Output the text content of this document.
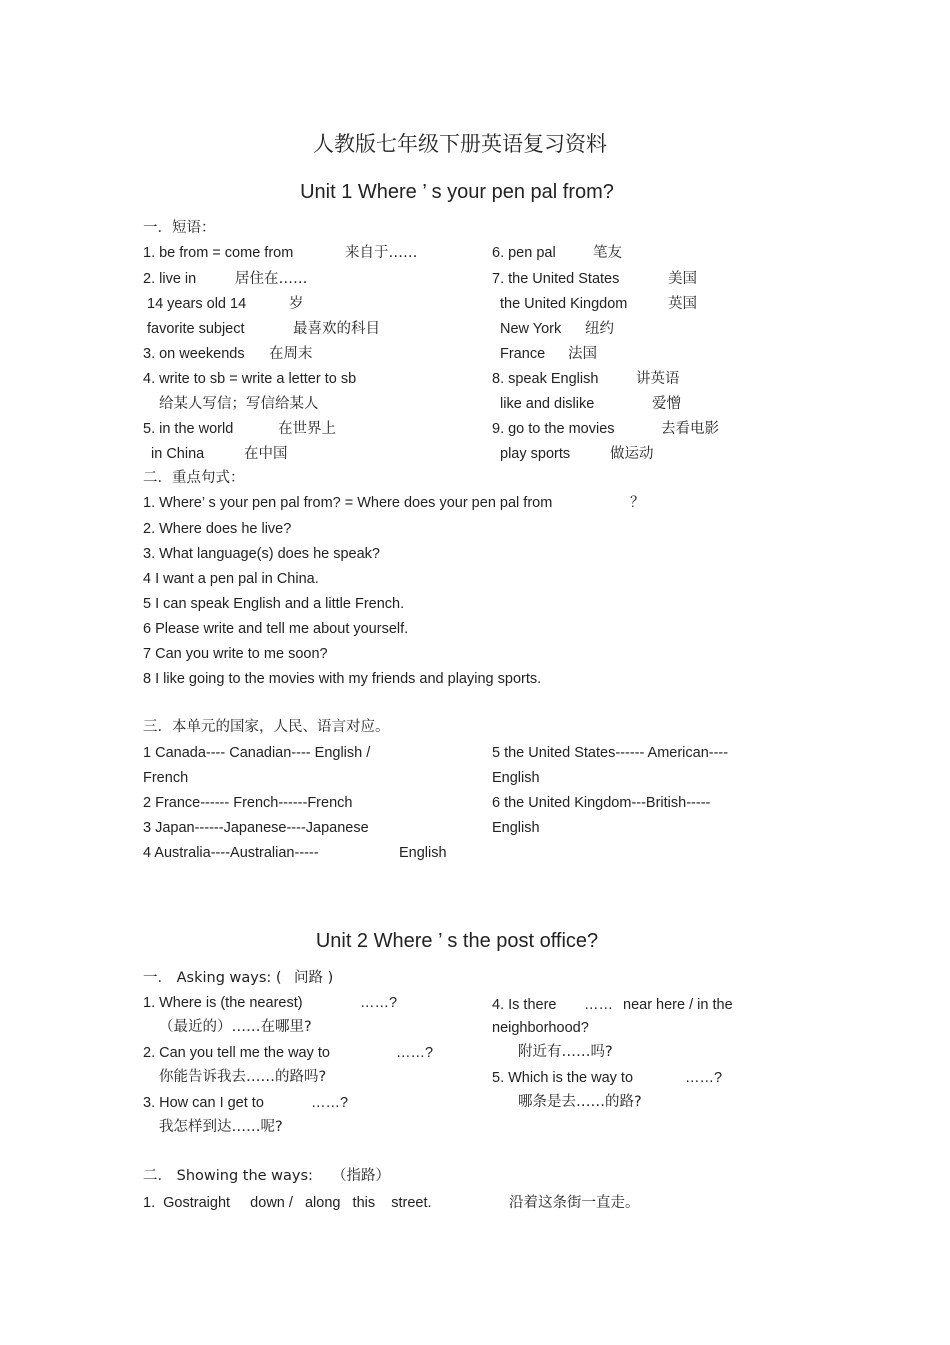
人教版七年级下册英语复习资料
Unit 1 Where ’ s your pen pal from?
一．短语：
1. be from = come from	来自于……
2. live in	居住在……
14 years old 14	岁
favorite subject	最喜欢的科目
3. on weekends 在周末
4. write to sb = write a letter to sb
给某人写信；写信给某人
5. in the world	在世界上
in China	在中国
6. pen pal	笔友
7. the United States	美国
the United Kingdom	英国
New York 纽约
France 法国
8. speak English	讲英语
like and dislike	爱憎
9. go to the movies	去看电影
play sports	做运动
二．重点句式：
1. Where’ s your pen pal from? = Where does your pen pal from	？
2. Where does he live?
3. What language(s) does he speak?
4 I want a pen pal in China.
5 I can speak English and a little French.
6 Please write and tell me about yourself.
7 Can you write to me soon?
8 I like going to the movies with my friends and playing sports.
三．本单元的国家，人民、语言对应。
1 Canada---- Canadian---- English /
French
2 France------ French------French
3 Japan------Japanese----Japanese
4 Australia----Australian-----	English
5 the United States------ American----
English
6 the United Kingdom---British-----
English
Unit 2 Where ’ s the post office?
一． Asking ways: ( 问路 )
1. Where is (the nearest)	……?
（最近的）……在哪里?
2. Can you tell me the way to	……?
你能告诉我去……的路吗?
3. How can I get to	……?
我怎样到达……呢?
4. Is there …… near here / in the
neighborhood?
附近有……吗?
5. Which is the way to	……?
哪条是去……的路?
二． Showing the ways: （指路）
1.  Gostraight     down /   along   this    street.	沿着这条街一直走。
